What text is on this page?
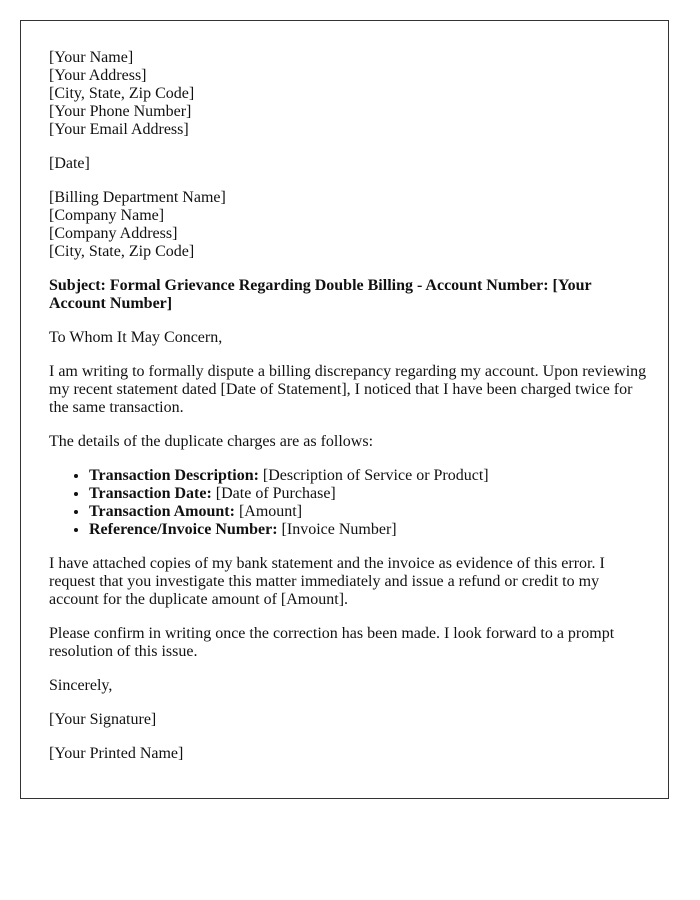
[Your Name]
[Your Address]
[City, State, Zip Code]
[Your Phone Number]
[Your Email Address]

[Date]

[Billing Department Name]
[Company Name]
[Company Address]
[City, State, Zip Code]

Subject: Formal Grievance Regarding Double Billing - Account Number: [Your Account Number]

To Whom It May Concern,

I am writing to formally dispute a billing discrepancy regarding my account. Upon reviewing my recent statement dated [Date of Statement], I noticed that I have been charged twice for the same transaction.

The details of the duplicate charges are as follows:

• Transaction Description: [Description of Service or Product]
• Transaction Date: [Date of Purchase]
• Transaction Amount: [Amount]
• Reference/Invoice Number: [Invoice Number]

I have attached copies of my bank statement and the invoice as evidence of this error. I request that you investigate this matter immediately and issue a refund or credit to my account for the duplicate amount of [Amount].

Please confirm in writing once the correction has been made. I look forward to a prompt resolution of this issue.

Sincerely,

[Your Signature]

[Your Printed Name]
